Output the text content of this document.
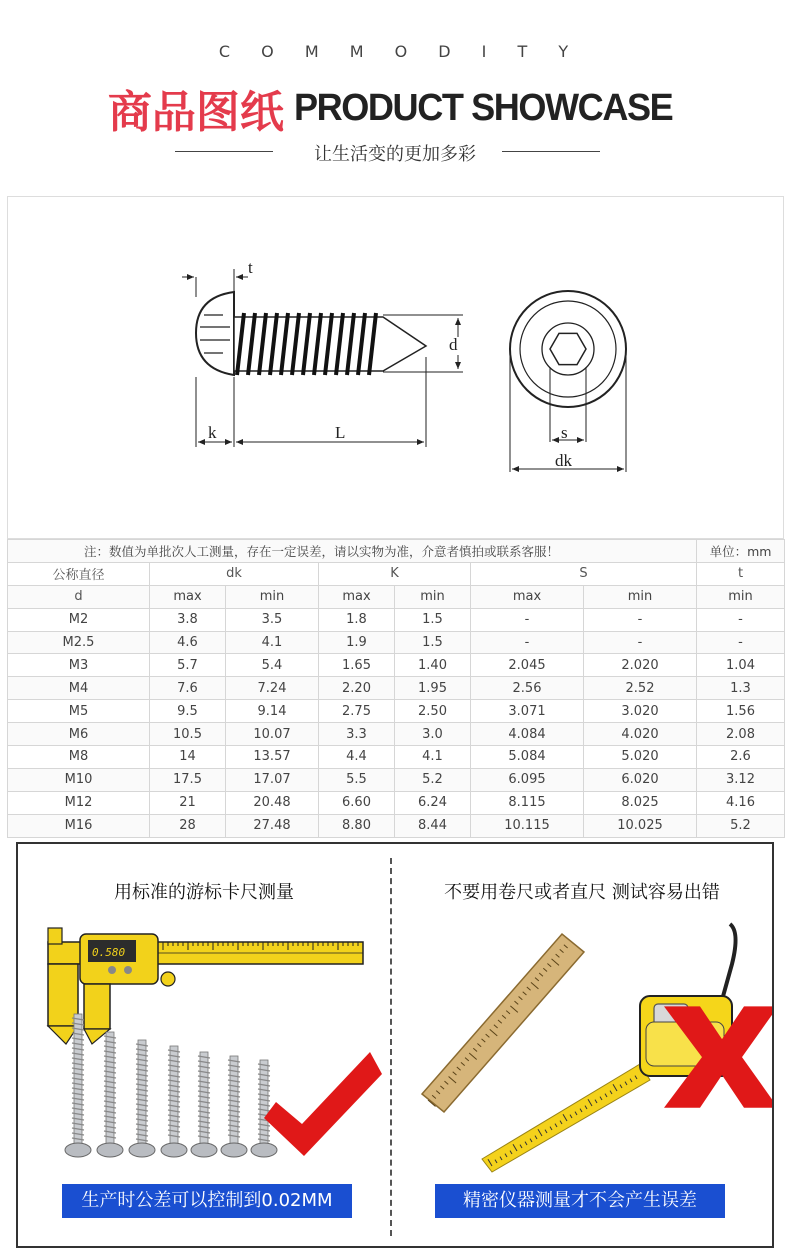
C O M M O D I T Y
商品图纸 PRODUCT SHOWCASE
让生活变的更加多彩
t
d
k	L	s
dk
注：数值为单批次人工测量，存在一定误差，请以实物为准，介意者慎拍或联系客服！							单位：mm
公称直径	dk		K		S		t
d	max	min	max	min	max	min	min
M2	3.8	3.5	1.8	1.5	-	-	-
M2.5	4.6	4.1	1.9	1.5	-	-	-
M3	5.7	5.4	1.65	1.40	2.045	2.020	1.04
M4	7.6	7.24	2.20	1.95	2.56	2.52	1.3
M5	9.5	9.14	2.75	2.50	3.071	3.020	1.56
M6	10.5	10.07	3.3	3.0	4.084	4.020	2.08
M8	14	13.57	4.4	4.1	5.084	5.020	2.6
M10	17.5	17.07	5.5	5.2	6.095	6.020	3.12
M12	21	20.48	6.60	6.24	8.115	8.025	4.16
M16	28	27.48	8.80	8.44	10.115	10.025	5.2
用标准的游标卡尺测量	不要用卷尺或者直尺 测试容易出错
0.580
生产时公差可以控制到0.02MM	精密仪器测量才不会产生误差
